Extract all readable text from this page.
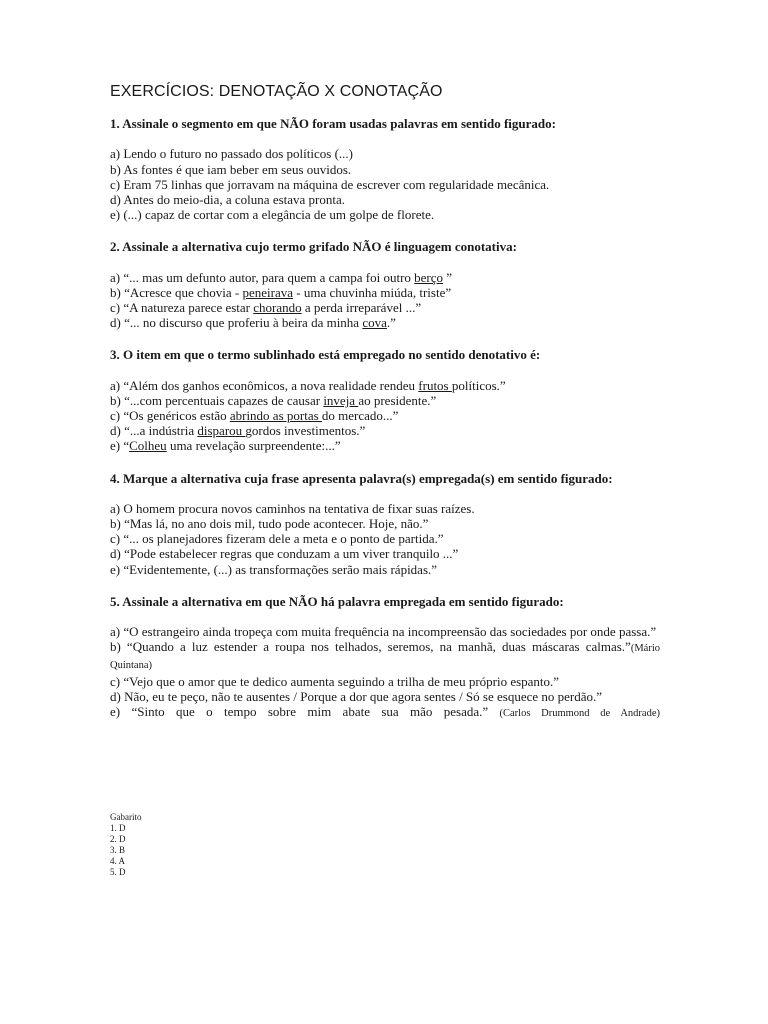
EXERCÍCIOS: DENOTAÇÃO X CONOTAÇÃO

1. Assinale o segmento em que NÃO foram usadas palavras em sentido figurado:

a) Lendo o futuro no passado dos políticos (...)

b) As fontes é que iam beber em seus ouvidos.

c) Eram 75 linhas que jorravam na máquina de escrever com regularidade mecânica.

d) Antes do meio-dia, a coluna estava pronta.

e) (...) capaz de cortar com a elegância de um golpe de florete.

2. Assinale a alternativa cujo termo grifado NÃO é linguagem conotativa:

a) “... mas um defunto autor, para quem a campa foi outro berço ”

b) “Acresce que chovia - peneirava - uma chuvinha miúda, triste”

c) “A natureza parece estar chorando a perda irreparável ...”

d) “... no discurso que proferiu à beira da minha cova.”

3. O item em que o termo sublinhado está empregado no sentido denotativo é:

a) “Além dos ganhos econômicos, a nova realidade rendeu frutos políticos.”

b) “...com percentuais capazes de causar inveja ao presidente.”

c) “Os genéricos estão abrindo as portas do mercado...”

d) “...a indústria disparou gordos investimentos.”

e) “Colheu uma revelação surpreendente:...”

4. Marque a alternativa cuja frase apresenta palavra(s) empregada(s) em sentido figurado:

a) O homem procura novos caminhos na tentativa de fixar suas raízes.

b) “Mas lá, no ano dois mil, tudo pode acontecer. Hoje, não.”

c) “... os planejadores fizeram dele a meta e o ponto de partida.”

d) “Pode estabelecer regras que conduzam a um viver tranquilo ...”

e) “Evidentemente, (...) as transformações serão mais rápidas.”

5. Assinale a alternativa em que NÃO há palavra empregada em sentido figurado:

a) “O estrangeiro ainda tropeça com muita frequência na incompreensão das sociedades por onde passa.”

b) “Quando a luz estender a roupa nos telhados, seremos, na manhã, duas máscaras calmas.”(Mário Quintana)

c) “Vejo que o amor que te dedico aumenta seguindo a trilha de meu próprio espanto.”

d) Não, eu te peço, não te ausentes / Porque a dor que agora sentes / Só se esquece no perdão.”

e) “Sinto que o tempo sobre mim abate sua mão pesada.” (Carlos Drummond de Andrade)

Gabarito
1. D
2. D
3. B
4. A
5. D
